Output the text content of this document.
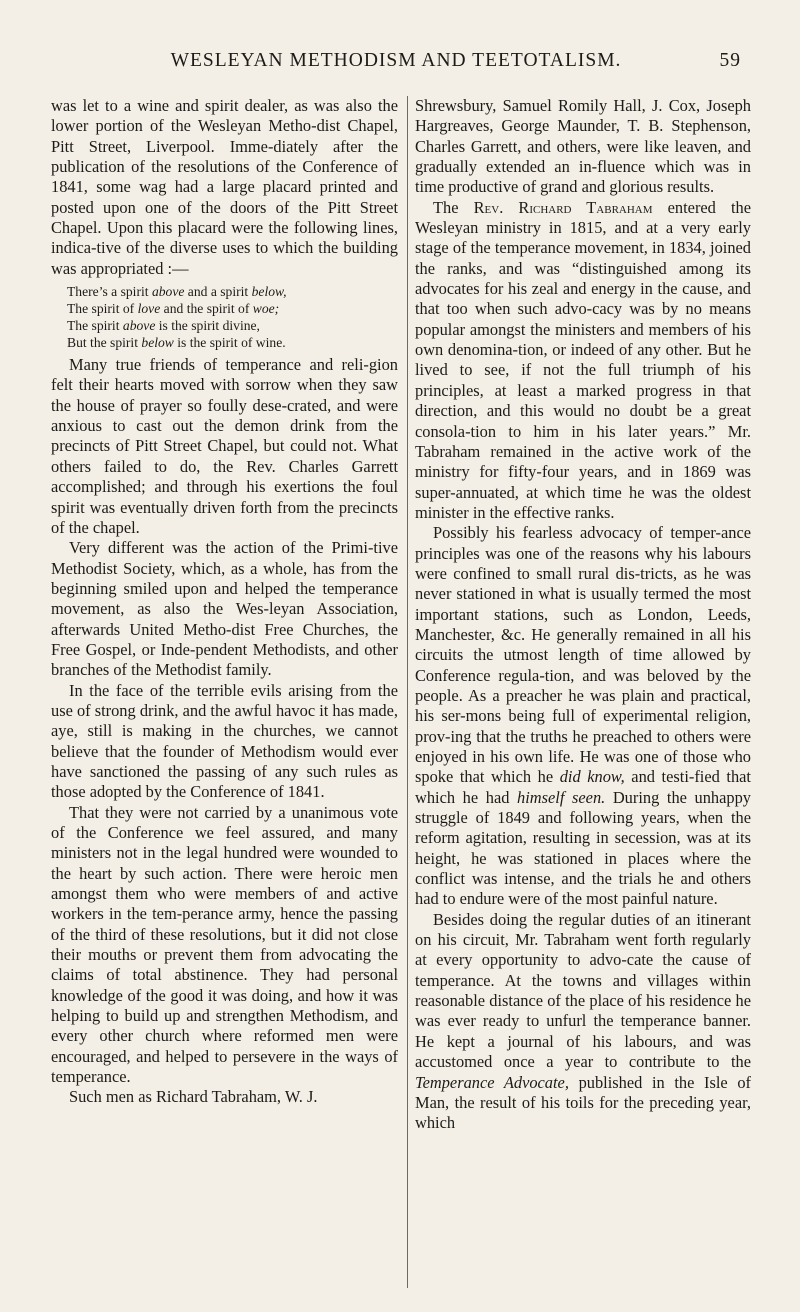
WESLEYAN METHODISM AND TEETOTALISM.	59

was let to a wine and spirit dealer, as was also the lower portion of the Wesleyan Metho-dist Chapel, Pitt Street, Liverpool. Imme-diately after the publication of the resolutions of the Conference of 1841, some wag had a large placard printed and posted upon one of the doors of the Pitt Street Chapel. Upon this placard were the following lines, indica-tive of the diverse uses to which the building was appropriated :—

There’s a spirit above and a spirit below,
The spirit of love and the spirit of woe;
The spirit above is the spirit divine,
But the spirit below is the spirit of wine.

Many true friends of temperance and reli-gion felt their hearts moved with sorrow when they saw the house of prayer so foully dese-crated, and were anxious to cast out the demon drink from the precincts of Pitt Street Chapel, but could not. What others failed to do, the Rev. Charles Garrett accomplished; and through his exertions the foul spirit was eventually driven forth from the precincts of the chapel.

Very different was the action of the Primi-tive Methodist Society, which, as a whole, has from the beginning smiled upon and helped the temperance movement, as also the Wes-leyan Association, afterwards United Metho-dist Free Churches, the Free Gospel, or Inde-pendent Methodists, and other branches of the Methodist family.

In the face of the terrible evils arising from the use of strong drink, and the awful havoc it has made, aye, still is making in the churches, we cannot believe that the founder of Methodism would ever have sanctioned the passing of any such rules as those adopted by the Conference of 1841.

That they were not carried by a unanimous vote of the Conference we feel assured, and many ministers not in the legal hundred were wounded to the heart by such action. There were heroic men amongst them who were members of and active workers in the tem-perance army, hence the passing of the third of these resolutions, but it did not close their mouths or prevent them from advocating the claims of total abstinence. They had personal knowledge of the good it was doing, and how it was helping to build up and strengthen Methodism, and every other church where reformed men were encouraged, and helped to persevere in the ways of temperance.

Such men as Richard Tabraham, W. J.

Shrewsbury, Samuel Romily Hall, J. Cox, Joseph Hargreaves, George Maunder, T. B. Stephenson, Charles Garrett, and others, were like leaven, and gradually extended an in-fluence which was in time productive of grand and glorious results.

The Rev. Richard Tabraham entered the Wesleyan ministry in 1815, and at a very early stage of the temperance movement, in 1834, joined the ranks, and was “distinguished among its advocates for his zeal and energy in the cause, and that too when such advo-cacy was by no means popular amongst the ministers and members of his own denomina-tion, or indeed of any other. But he lived to see, if not the full triumph of his principles, at least a marked progress in that direction, and this would no doubt be a great consola-tion to him in his later years.” Mr. Tabraham remained in the active work of the ministry for fifty-four years, and in 1869 was super-annuated, at which time he was the oldest minister in the effective ranks.

Possibly his fearless advocacy of temper-ance principles was one of the reasons why his labours were confined to small rural dis-tricts, as he was never stationed in what is usually termed the most important stations, such as London, Leeds, Manchester, &c. He generally remained in all his circuits the utmost length of time allowed by Conference regula-tion, and was beloved by the people. As a preacher he was plain and practical, his ser-mons being full of experimental religion, prov-ing that the truths he preached to others were enjoyed in his own life. He was one of those who spoke that which he did know, and testi-fied that which he had himself seen. During the unhappy struggle of 1849 and following years, when the reform agitation, resulting in secession, was at its height, he was stationed in places where the conflict was intense, and the trials he and others had to endure were of the most painful nature.

Besides doing the regular duties of an itinerant on his circuit, Mr. Tabraham went forth regularly at every opportunity to advo-cate the cause of temperance. At the towns and villages within reasonable distance of the place of his residence he was ever ready to unfurl the temperance banner. He kept a journal of his labours, and was accustomed once a year to contribute to the Temperance Advocate, published in the Isle of Man, the result of his toils for the preceding year, which
